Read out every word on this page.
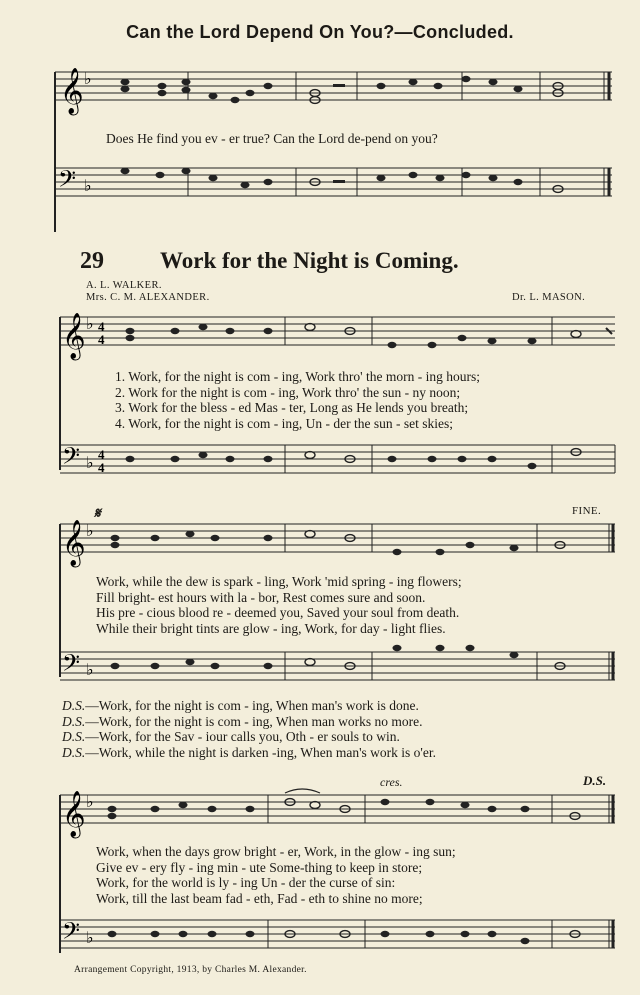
Can the Lord Depend On You?—Concluded.
𝄞 ♭
Does He find you ev - er true? Can the Lord de-pend on you?
𝄢 ♭
29 Work for the Night is Coming.
A. L. WALKER.
Mrs. C. M. ALEXANDER.	Dr. L. MASON.
𝄞 ♭ 4
4
1. Work, for the night is com - ing, Work thro' the morn - ing hours;
2. Work for the night is com - ing, Work thro' the sun - ny noon;
3. Work for the bless - ed Mas - ter, Long as He lends you breath;
4. Work, for the night is com - ing, Un - der the sun - set skies;
𝄢 ♭ 4
4
𝄋	FINE.
𝄞 ♭
Work, while the dew is spark - ling, Work 'mid spring - ing flowers;
Fill bright- est hours with la - bor, Rest comes sure and soon.
His pre - cious blood re - deemed you, Saved your soul from death.
While their bright tints are glow - ing, Work, for day - light flies.
𝄢 ♭
D.S.—Work, for the night is com - ing, When man's work is done.
D.S.—Work, for the night is com - ing, When man works no more.
D.S.—Work, for the Sav - iour calls you, Oth - er souls to win.
D.S.—Work, while the night is darken -ing, When man's work is o'er.
cres.	D.S.
𝄞 ♭
Work, when the days grow bright - er, Work, in the glow - ing sun;
Give ev - ery fly - ing min - ute Some-thing to keep in store;
Work, for the world is ly - ing Un - der the curse of sin:
Work, till the last beam fad - eth, Fad - eth to shine no more;
𝄢 ♭
Arrangement Copyright, 1913, by Charles M. Alexander.
